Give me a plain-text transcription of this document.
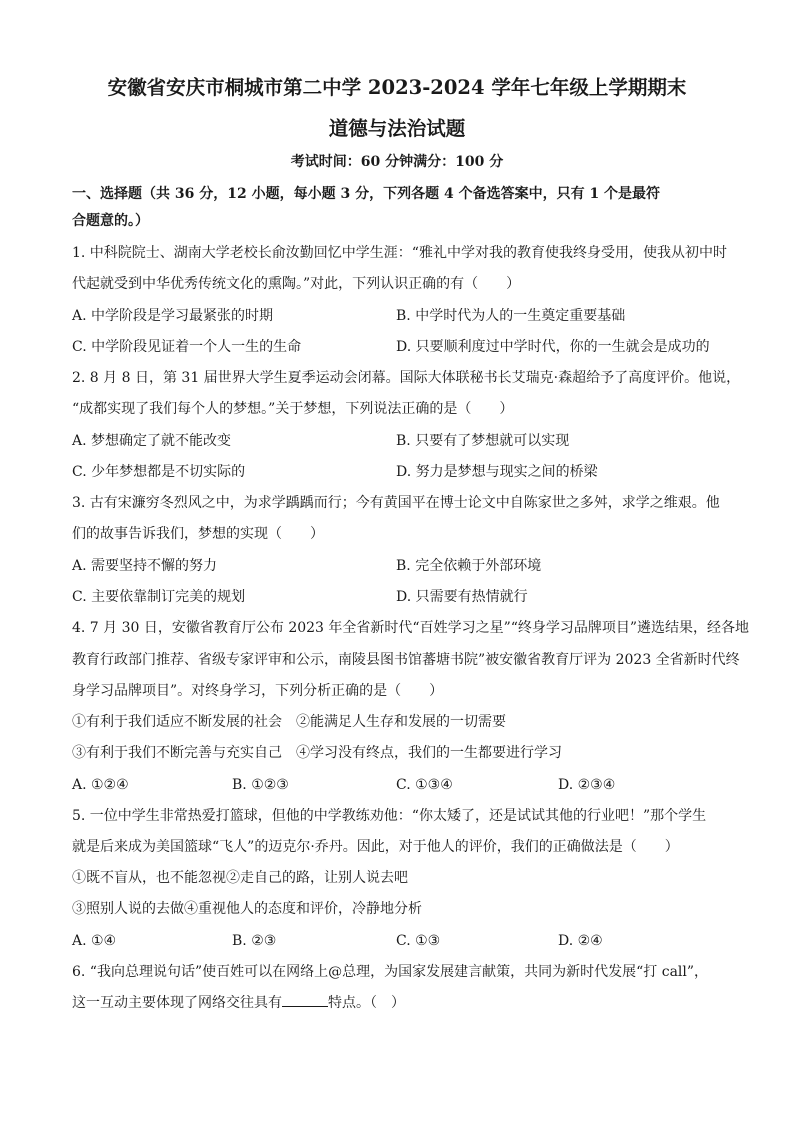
安徽省安庆市桐城市第二中学 2023-2024 学年七年级上学期期末
道德与法治试题
考试时间：60 分钟满分：100 分
一、选择题（共 36 分，12 小题，每小题 3 分，下列各题 4 个备选答案中，只有 1 个是最符
合题意的。）
1. 中科院院士、湖南大学老校长俞汝勤回忆中学生涯：“雅礼中学对我的教育使我终身受用，使我从初中时
代起就受到中华优秀传统文化的熏陶。”对此，下列认识正确的有（　　）
A. 中学阶段是学习最紧张的时期	B. 中学时代为人的一生奠定重要基础
C. 中学阶段见证着一个人一生的生命	D. 只要顺利度过中学时代，你的一生就会是成功的
2. 8 月 8 日，第 31 届世界大学生夏季运动会闭幕。国际大体联秘书长艾瑞克·森超给予了高度评价。他说，
“成都实现了我们每个人的梦想。”关于梦想，下列说法正确的是（　　）
A. 梦想确定了就不能改变	B. 只要有了梦想就可以实现
C. 少年梦想都是不切实际的	D. 努力是梦想与现实之间的桥梁
3. 古有宋濂穷冬烈风之中，为求学踽踽而行；今有黄国平在博士论文中自陈家世之多舛，求学之维艰。他
们的故事告诉我们，梦想的实现（　　）
A. 需要坚持不懈的努力	B. 完全依赖于外部环境
C. 主要依靠制订完美的规划	D. 只需要有热情就行
4. 7 月 30 日，安徽省教育厅公布 2023 年全省新时代“百姓学习之星”“终身学习品牌项目”遴选结果，经各地
教育行政部门推荐、省级专家评审和公示，南陵县图书馆蕃塘书院”被安徽省教育厅评为 2023 全省新时代终
身学习品牌项目”。对终身学习，下列分析正确的是（　　）
①有利于我们适应不断发展的社会　②能满足人生存和发展的一切需要
③有利于我们不断完善与充实自己　④学习没有终点，我们的一生都要进行学习
A. ①②④	B. ①②③	C. ①③④	D. ②③④
5. 一位中学生非常热爱打篮球，但他的中学教练劝他：“你太矮了，还是试试其他的行业吧！”那个学生
就是后来成为美国篮球“飞人”的迈克尔·乔丹。因此，对于他人的评价，我们的正确做法是（　　）
①既不盲从，也不能忽视②走自己的路，让别人说去吧
③照别人说的去做④重视他人的态度和评价，冷静地分析
A. ①④	B. ②③	C. ①③	D. ②④
6. “我向总理说句话”使百姓可以在网络上@总理，为国家发展建言献策，共同为新时代发展“打 call”，
这一互动主要体现了网络交往具有	特点。（　）
